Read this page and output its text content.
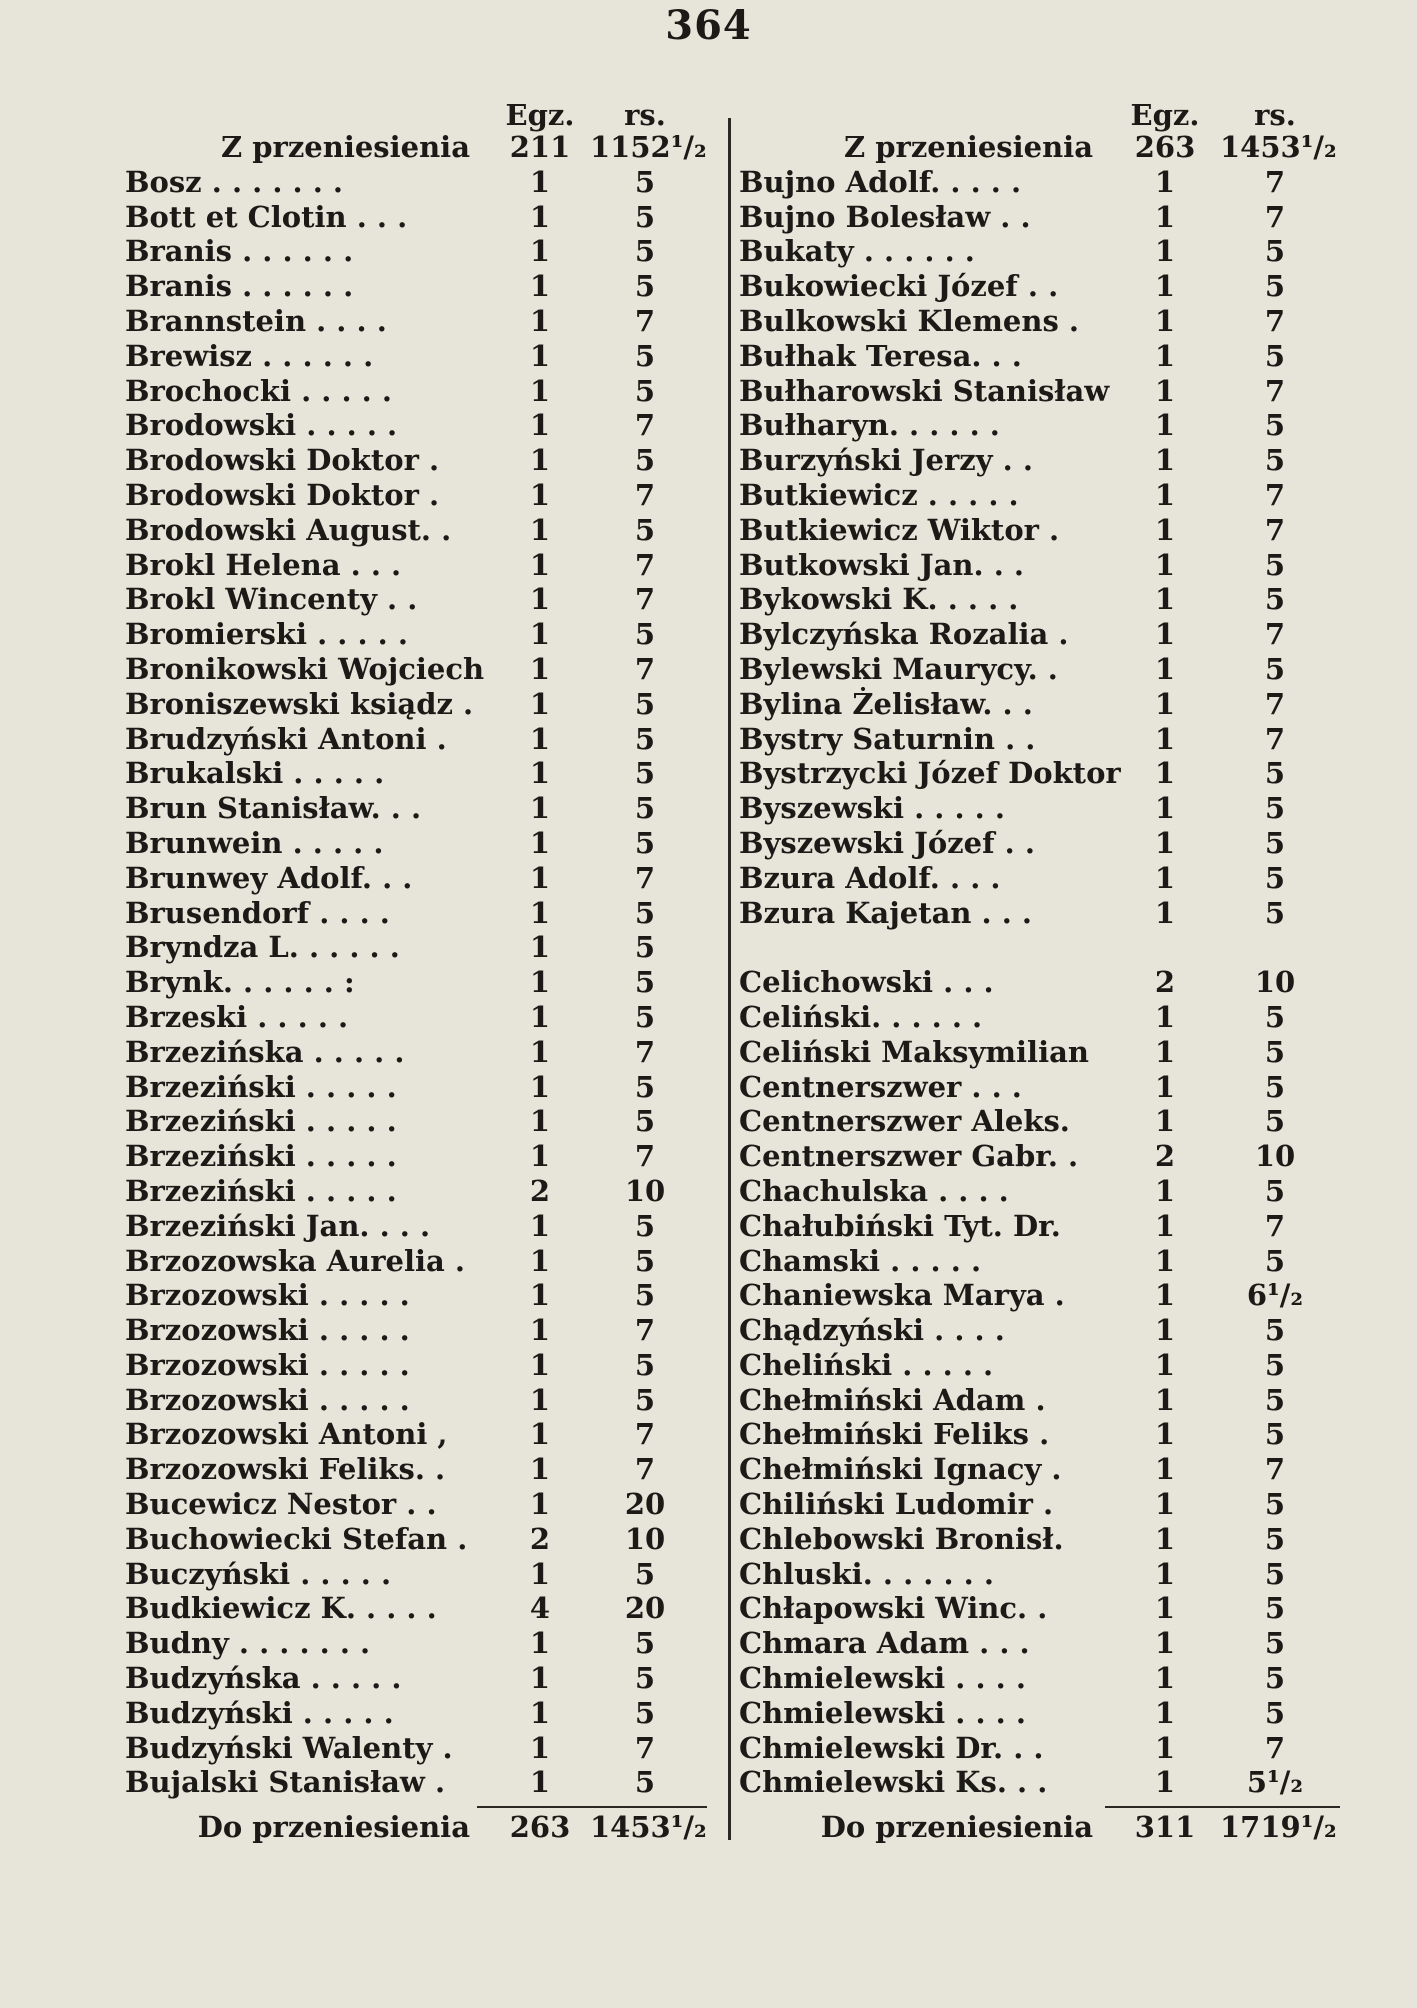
364
Egz.	rs.
Z przeniesienia 211 1152¹/₂
Bosz . . . . . . .	1	5
Bott et Clotin . . .	1	5
Branis . . . . . .	1	5
Branis . . . . . .	1	5
Brannstein . . . .	1	7
Brewisz . . . . . .	1	5
Brochocki . . . . .	1	5
Brodowski . . . . .	1	7
Brodowski Doktor .	1	5
Brodowski Doktor .	1	7
Brodowski August. .	1	5
Brokl Helena . . .	1	7
Brokl Wincenty . .	1	7
Bromierski . . . . .	1	5
Bronikowski Wojciech	1	7
Broniszewski ksiądz .	1	5
Brudzyński Antoni .	1	5
Brukalski . . . . .	1	5
Brun Stanisław. . .	1	5
Brunwein . . . . .	1	5
Brunwey Adolf. . .	1	7
Brusendorf . . . .	1	5
Bryndza L. . . . . .	1	5
Brynk. . . . . . :	1	5
Brzeski . . . . .	1	5
Brzezińska . . . . .	1	7
Brzeziński . . . . .	1	5
Brzeziński . . . . .	1	5
Brzeziński . . . . .	1	7
Brzeziński . . . . .	2	10
Brzeziński Jan. . . .	1	5
Brzozowska Aurelia .	1	5
Brzozowski . . . . .	1	5
Brzozowski . . . . .	1	7
Brzozowski . . . . .	1	5
Brzozowski . . . . .	1	5
Brzozowski Antoni ,	1	7
Brzozowski Feliks. .	1	7
Bucewicz Nestor . .	1	20
Buchowiecki Stefan .	2	10
Buczyński . . . . .	1	5
Budkiewicz K. . . . .	4	20
Budny . . . . . . .	1	5
Budzyńska . . . . .	1	5
Budzyński . . . . .	1	5
Budzyński Walenty .	1	7
Bujalski Stanisław .	1	5
Do przeniesienia 263 1453¹/₂
Egz.	rs.
Z przeniesienia 263 1453¹/₂
Bujno Adolf. . . . .	1	7
Bujno Bolesław . .	1	7
Bukaty . . . . . .	1	5
Bukowiecki Józef . .	1	5
Bulkowski Klemens .	1	7
Bułhak Teresa. . .	1	5
Bułharowski Stanisław	1	7
Bułharyn. . . . . .	1	5
Burzyński Jerzy . .	1	5
Butkiewicz . . . . .	1	7
Butkiewicz Wiktor .	1	7
Butkowski Jan. . .	1	5
Bykowski K. . . . .	1	5
Bylczyńska Rozalia .	1	7
Bylewski Maurycy. .	1	5
Bylina Żelisław. . .	1	7
Bystry Saturnin . .	1	7
Bystrzycki Józef Doktor	1	5
Byszewski . . . . .	1	5
Byszewski Józef . .	1	5
Bzura Adolf. . . .	1	5
Bzura Kajetan . . .	1	5
Celichowski . . .	2	10
Celiński. . . . . .	1	5
Celiński Maksymilian	1	5
Centnerszwer . . .	1	5
Centnerszwer Aleks.	1	5
Centnerszwer Gabr. .	2	10
Chachulska . . . .	1	5
Chałubiński Tyt. Dr.	1	7
Chamski . . . . .	1	5
Chaniewska Marya .	1	6¹/₂
Chądzyński . . . .	1	5
Cheliński . . . . .	1	5
Chełmiński Adam .	1	5
Chełmiński Feliks .	1	5
Chełmiński Ignacy .	1	7
Chiliński Ludomir .	1	5
Chlebowski Bronisł.	1	5
Chluski. . . . . . .	1	5
Chłapowski Winc. .	1	5
Chmara Adam . . .	1	5
Chmielewski . . . .	1	5
Chmielewski . . . .	1	5
Chmielewski Dr. . .	1	7
Chmielewski Ks. . .	1	5¹/₂
Do przeniesienia 311 1719¹/₂
